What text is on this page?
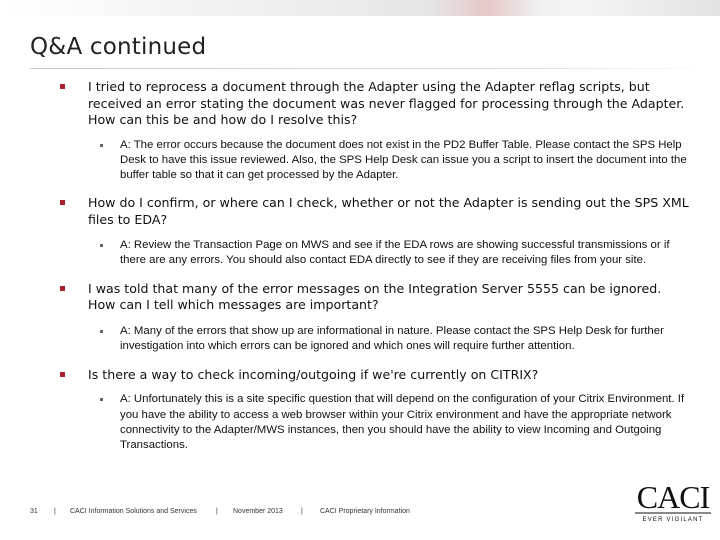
Q&A continued
I tried to reprocess a document through the Adapter using the Adapter reflag scripts, but received an error stating the document was never flagged for processing through the Adapter. How can this be and how do I resolve this?
A: The error occurs because the document does not exist in the PD2 Buffer Table. Please contact the SPS Help Desk to have this issue reviewed. Also, the SPS Help Desk can issue you a script to insert the document into the buffer table so that it can get processed by the Adapter.
How do I confirm, or where can I check, whether or not the Adapter is sending out the SPS XML files to EDA?
A: Review the Transaction Page on MWS and see if the EDA rows are showing successful transmissions or if there are any errors. You should also contact EDA directly to see if they are receiving files from your site.
I was told that many of the error messages on the Integration Server 5555 can be ignored. How can I tell which messages are important?
A: Many of the errors that show up are informational in nature. Please contact the SPS Help Desk for further investigation into which errors can be ignored and which ones will require further attention.
Is there a way to check incoming/outgoing if we're currently on CITRIX?
A: Unfortunately this is a site specific question that will depend on the configuration of your Citrix Environment. If you have the ability to access a web browser within your Citrix environment and have the appropriate network connectivity to the Adapter/MWS instances, then you should have the ability to view Incoming and Outgoing Transactions.
31 | CACI Information Solutions and Services	| November 2013	| CACI Proprietary Information	CACI
EVER VIGILANT
